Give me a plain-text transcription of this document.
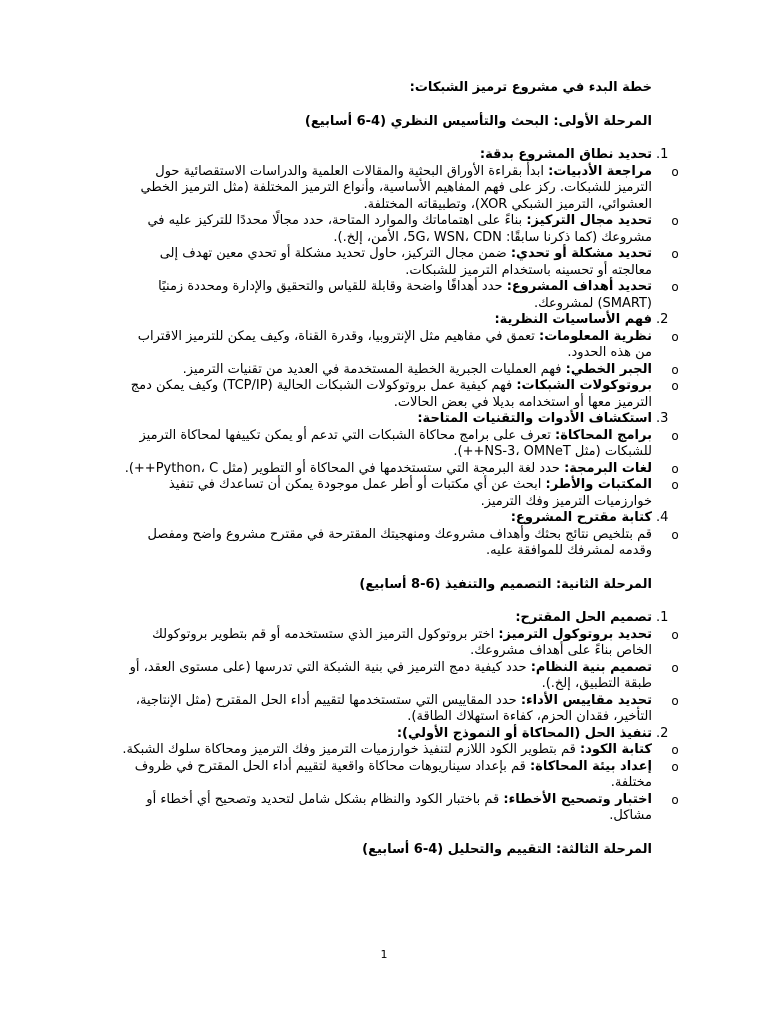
خطة البدء في مشروع ترميز الشبكات:

المرحلة الأولى: البحث والتأسيس النظري (4-6 أسابيع)

1.
تحديد نطاق المشروع بدقة:
o
مراجعة الأدبيات: ابدأ بقراءة الأوراق البحثية والمقالات العلمية والدراسات الاستقصائية حول الترميز للشبكات. ركز على فهم المفاهيم الأساسية، وأنواع الترميز المختلفة (مثل الترميز الخطي العشوائي، الترميز الشبكي XOR)، وتطبيقاته المختلفة.
o
تحديد مجال التركيز: بناءً على اهتماماتك والموارد المتاحة، حدد مجالًا محددًا للتركيز عليه في مشروعك (كما ذكرنا سابقًا: 5G، WSN، CDN، الأمن، إلخ.).
o
تحديد مشكلة أو تحدي: ضمن مجال التركيز، حاول تحديد مشكلة أو تحدي معين تهدف إلى معالجته أو تحسينه باستخدام الترميز للشبكات.
o
تحديد أهداف المشروع: حدد أهدافًا واضحة وقابلة للقياس والتحقيق والإدارة ومحددة زمنيًا (SMART) لمشروعك.
2.
فهم الأساسيات النظرية:
o
نظرية المعلومات: تعمق في مفاهيم مثل الإنتروبيا، وقدرة القناة، وكيف يمكن للترميز الاقتراب من هذه الحدود.
o
الجبر الخطي: فهم العمليات الجبرية الخطية المستخدمة في العديد من تقنيات الترميز.
o
بروتوكولات الشبكات: فهم كيفية عمل بروتوكولات الشبكات الحالية (TCP/IP) وكيف يمكن دمج الترميز معها أو استخدامه بديلا في بعض الحالات.
3.
استكشاف الأدوات والتقنيات المتاحة:
o
برامج المحاكاة: تعرف على برامج محاكاة الشبكات التي تدعم أو يمكن تكييفها لمحاكاة الترميز للشبكات (مثل NS-3، OMNeT++).
o
لغات البرمجة: حدد لغة البرمجة التي ستستخدمها في المحاكاة أو التطوير (مثل Python، C++).
o
المكتبات والأطر: ابحث عن أي مكتبات أو أطر عمل موجودة يمكن أن تساعدك في تنفيذ خوارزميات الترميز وفك الترميز.
4.
كتابة مقترح المشروع:
o
قم بتلخيص نتائج بحثك وأهداف مشروعك ومنهجيتك المقترحة في مقترح مشروع واضح ومفصل وقدمه لمشرفك للموافقة عليه.

المرحلة الثانية: التصميم والتنفيذ (6-8 أسابيع)

1.
تصميم الحل المقترح:
o
تحديد بروتوكول الترميز: اختر بروتوكول الترميز الذي ستستخدمه أو قم بتطوير بروتوكولك الخاص بناءً على أهداف مشروعك.
o
تصميم بنية النظام: حدد كيفية دمج الترميز في بنية الشبكة التي تدرسها (على مستوى العقد، أو طبقة التطبيق، إلخ.).
o
تحديد مقاييس الأداء: حدد المقاييس التي ستستخدمها لتقييم أداء الحل المقترح (مثل الإنتاجية، التأخير، فقدان الحزم، كفاءة استهلاك الطاقة).
2.
تنفيذ الحل (المحاكاة أو النموذج الأولي):
o
كتابة الكود: قم بتطوير الكود اللازم لتنفيذ خوارزميات الترميز وفك الترميز ومحاكاة سلوك الشبكة.
o
إعداد بيئة المحاكاة: قم بإعداد سيناريوهات محاكاة واقعية لتقييم أداء الحل المقترح في ظروف مختلفة.
o
اختبار وتصحيح الأخطاء: قم باختبار الكود والنظام بشكل شامل لتحديد وتصحيح أي أخطاء أو مشاكل.

المرحلة الثالثة: التقييم والتحليل (4-6 أسابيع)

1
